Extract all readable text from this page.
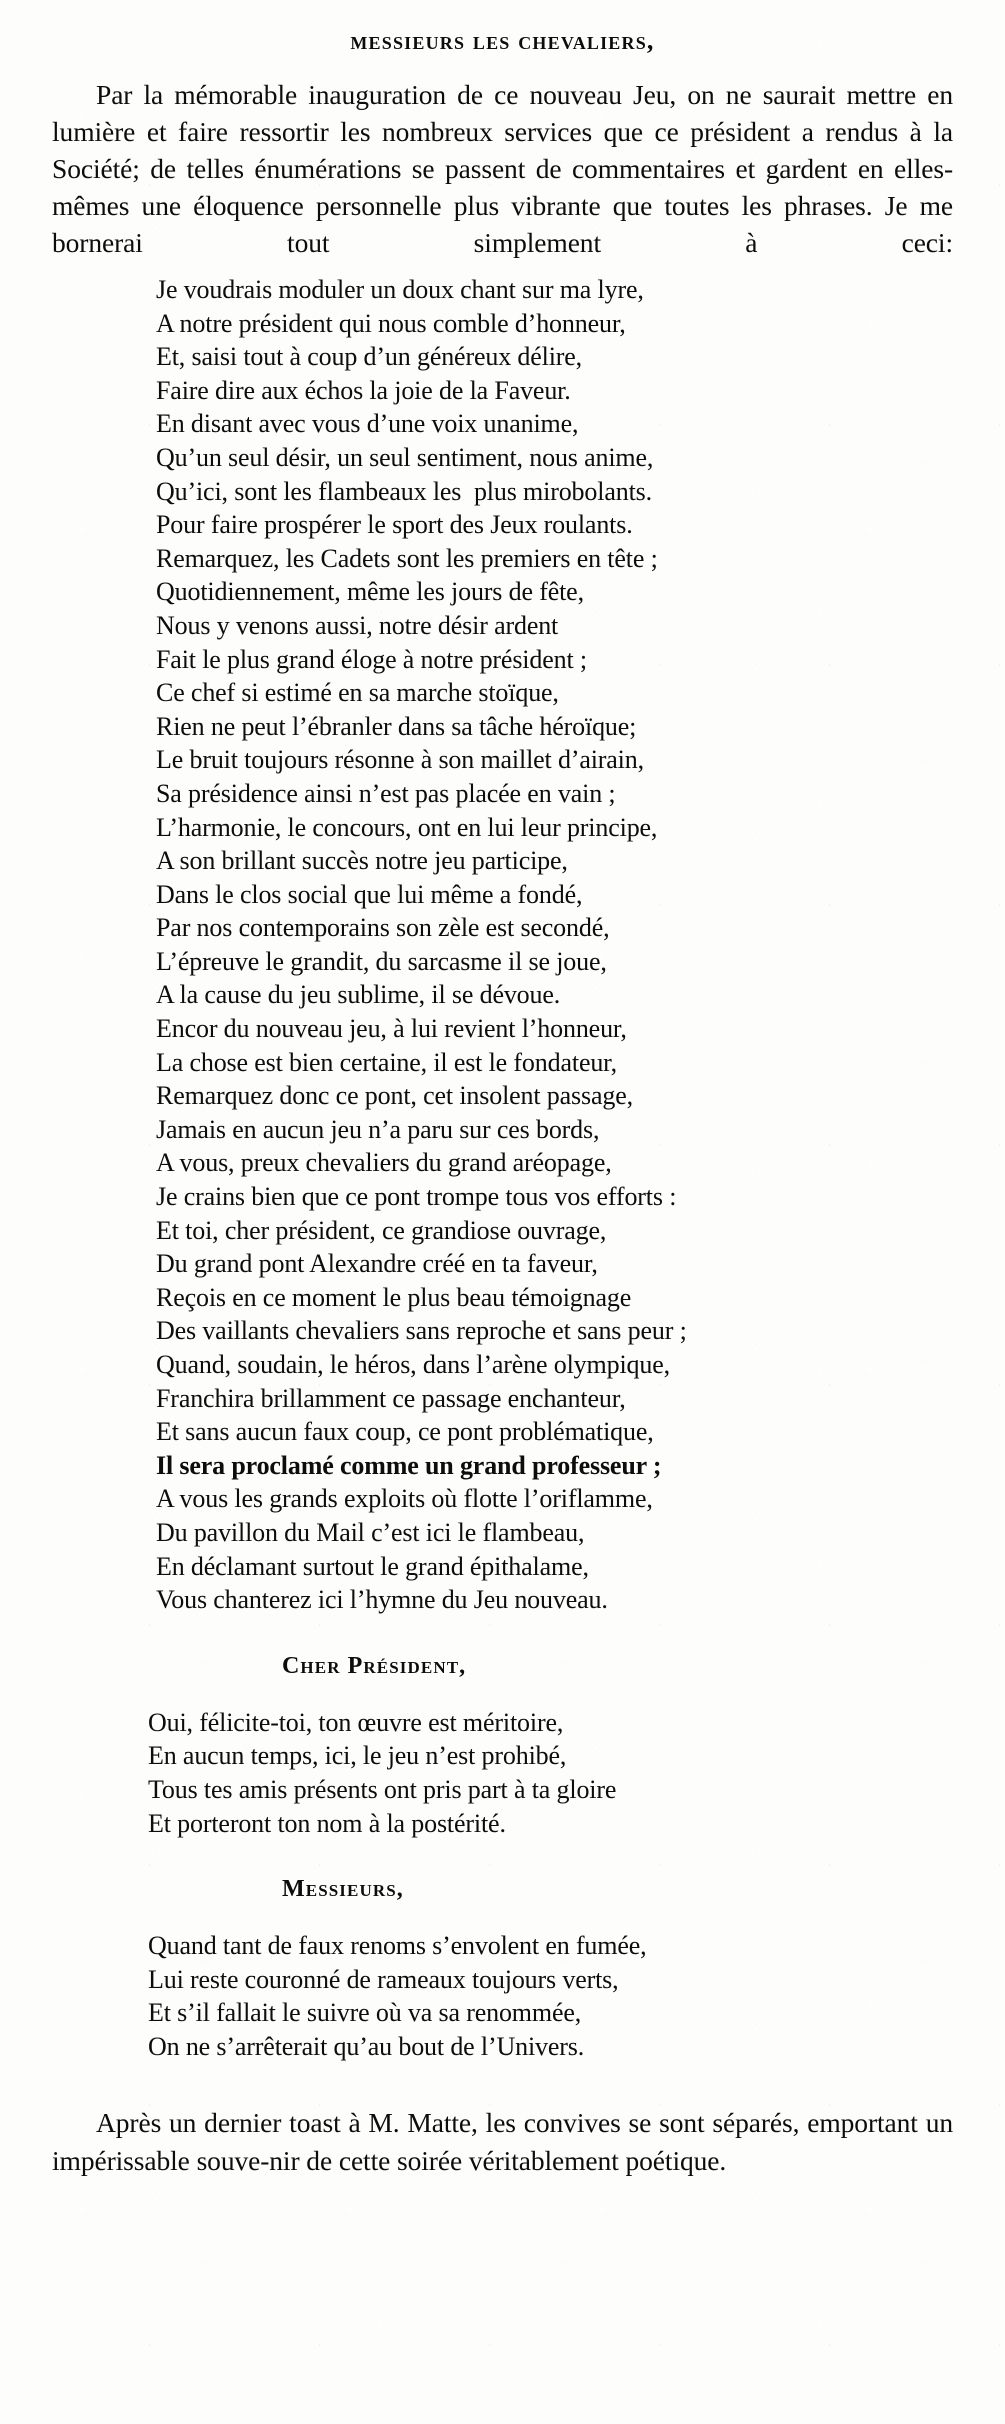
messieurs les chevaliers,

Par la mémorable inauguration de ce nouveau Jeu, on ne saurait mettre en lumière et faire ressortir les nombreux services que ce président a rendus à la Société; de telles énumérations se passent de commentaires et gardent en elles-mêmes une éloquence personnelle plus vibrante que toutes les phrases. Je me bornerai tout simplement à ceci:

Je voudrais moduler un doux chant sur ma lyre,

A notre président qui nous comble d’honneur,

Et, saisi tout à coup d’un généreux délire,

Faire dire aux échos la joie de la Faveur.

En disant avec vous d’une voix unanime,

Qu’un seul désir, un seul sentiment, nous anime,

Qu’ici, sont les flambeaux les  plus mirobolants.

Pour faire prospérer le sport des Jeux roulants.

Remarquez, les Cadets sont les premiers en tête ;

Quotidiennement, même les jours de fête,

Nous y venons aussi, notre désir ardent

Fait le plus grand éloge à notre président ;

Ce chef si estimé en sa marche stoïque,

Rien ne peut l’ébranler dans sa tâche héroïque;

Le bruit toujours résonne à son maillet d’airain,

Sa présidence ainsi n’est pas placée en vain ;

L’harmonie, le concours, ont en lui leur principe,

A son brillant succès notre jeu participe,

Dans le clos social que lui même a fondé,

Par nos contemporains son zèle est secondé,

L’épreuve le grandit, du sarcasme il se joue,

A la cause du jeu sublime, il se dévoue.

Encor du nouveau jeu, à lui revient l’honneur,

La chose est bien certaine, il est le fondateur,

Remarquez donc ce pont, cet insolent passage,

Jamais en aucun jeu n’a paru sur ces bords,

A vous, preux chevaliers du grand aréopage,

Je crains bien que ce pont trompe tous vos efforts :

Et toi, cher président, ce grandiose ouvrage,

Du grand pont Alexandre créé en ta faveur,

Reçois en ce moment le plus beau témoignage

Des vaillants chevaliers sans reproche et sans peur ;

Quand, soudain, le héros, dans l’arène olympique,

Franchira brillamment ce passage enchanteur,

Et sans aucun faux coup, ce pont problématique,

Il sera proclamé comme un grand professeur ;

A vous les grands exploits où flotte l’oriflamme,

Du pavillon du Mail c’est ici le flambeau,

En déclamant surtout le grand épithalame,

Vous chanterez ici l’hymne du Jeu nouveau.

Cher Président,

Oui, félicite-toi, ton œuvre est méritoire,

En aucun temps, ici, le jeu n’est prohibé,

Tous tes amis présents ont pris part à ta gloire

Et porteront ton nom à la postérité.

Messieurs,

Quand tant de faux renoms s’envolent en fumée,

Lui reste couronné de rameaux toujours verts,

Et s’il fallait le suivre où va sa renommée,

On ne s’arrêterait qu’au bout de l’Univers.

Après un dernier toast à M. Matte, les convives se sont séparés, emportant un impérissable souve-nir de cette soirée véritablement poétique.
